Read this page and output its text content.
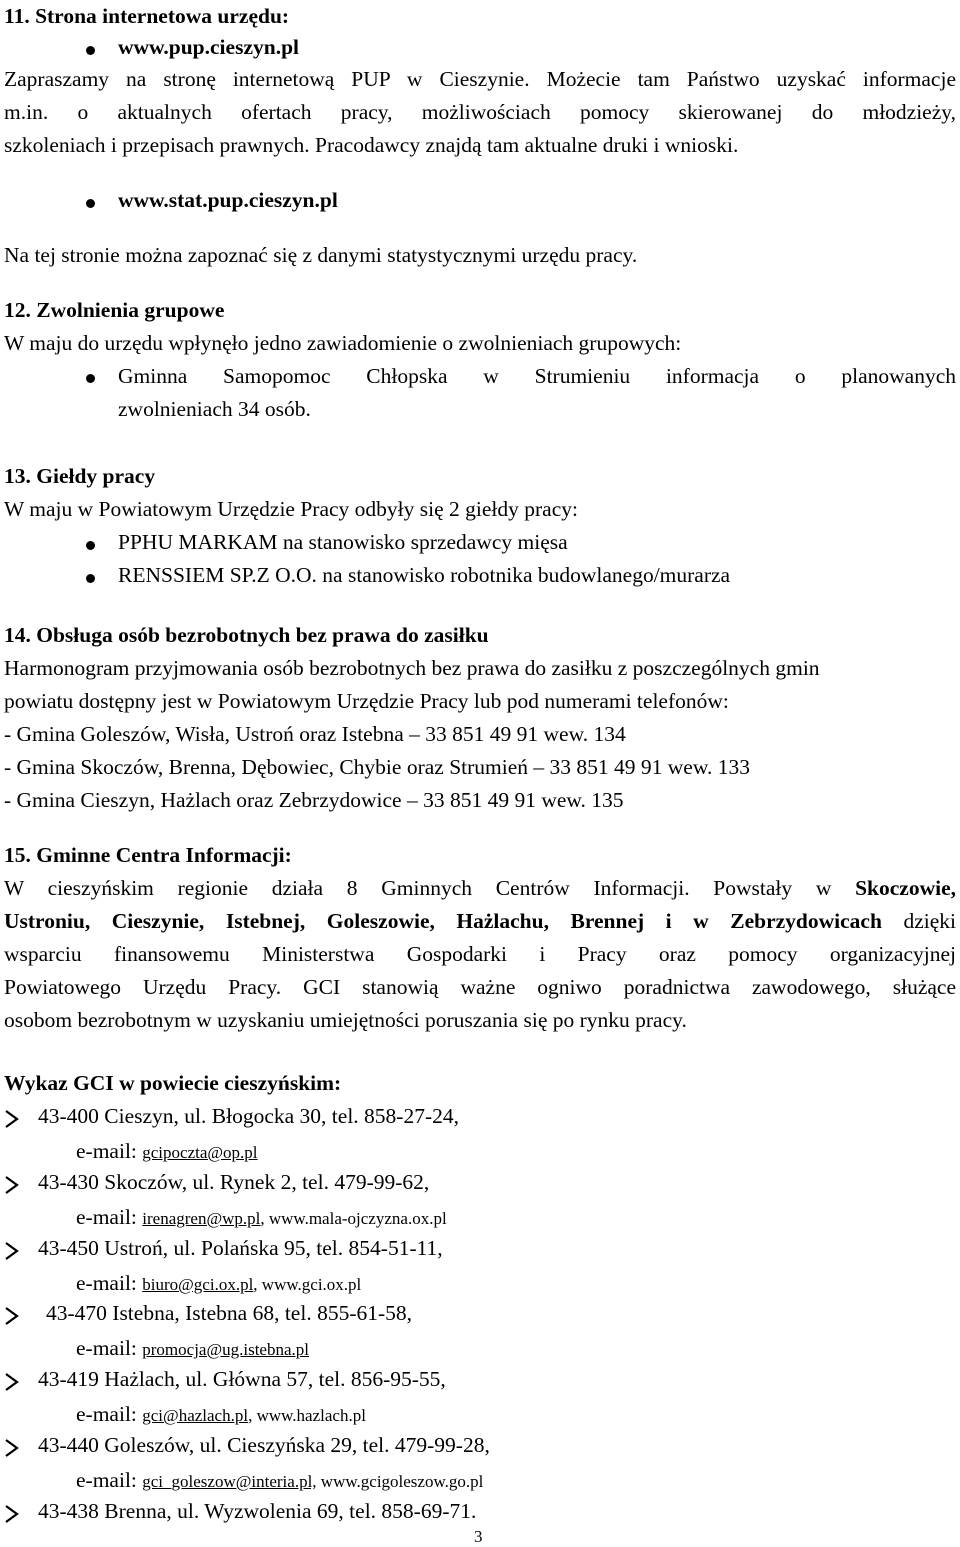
11. Strona internetowa urzędu:
www.pup.cieszyn.pl
Zapraszamy na stronę internetową PUP w Cieszynie. Możecie tam Państwo uzyskać informacje
m.in. o aktualnych ofertach pracy, możliwościach pomocy skierowanej do młodzieży,
szkoleniach i przepisach prawnych. Pracodawcy znajdą tam aktualne druki i wnioski.
www.stat.pup.cieszyn.pl
Na tej stronie można zapoznać się z danymi statystycznymi urzędu pracy.
12. Zwolnienia grupowe
W maju do urzędu wpłynęło jedno zawiadomienie o zwolnieniach grupowych:
Gminna Samopomoc Chłopska w Strumieniu informacja o planowanych
zwolnieniach 34 osób.
13. Giełdy pracy
W maju w Powiatowym Urzędzie Pracy odbyły się 2 giełdy pracy:
PPHU MARKAM na stanowisko sprzedawcy mięsa
RENSSIEM SP.Z O.O. na stanowisko robotnika budowlanego/murarza
14. Obsługa osób bezrobotnych bez prawa do zasiłku
Harmonogram przyjmowania osób bezrobotnych bez prawa do zasiłku z poszczególnych gmin
powiatu dostępny jest w Powiatowym Urzędzie Pracy lub pod numerami telefonów:
- Gmina Goleszów, Wisła, Ustroń oraz Istebna – 33 851 49 91 wew. 134
- Gmina Skoczów, Brenna, Dębowiec, Chybie oraz Strumień – 33 851 49 91 wew. 133
- Gmina Cieszyn, Hażlach oraz Zebrzydowice – 33 851 49 91 wew. 135
15. Gminne Centra Informacji:
W cieszyńskim regionie działa 8 Gminnych Centrów Informacji. Powstały w Skoczowie,
Ustroniu, Cieszynie, Istebnej, Goleszowie, Hażlachu, Brennej i w Zebrzydowicach dzięki
wsparciu finansowemu Ministerstwa Gospodarki i Pracy oraz pomocy organizacyjnej
Powiatowego Urzędu Pracy. GCI stanowią ważne ogniwo poradnictwa zawodowego, służące
osobom bezrobotnym w uzyskaniu umiejętności poruszania się po rynku pracy.
Wykaz GCI w powiecie cieszyńskim:
43-400 Cieszyn, ul. Błogocka 30, tel. 858-27-24,
e-mail: gcipoczta@op.pl
43-430 Skoczów, ul. Rynek 2, tel. 479-99-62,
e-mail: irenagren@wp.pl, www.mala-ojczyzna.ox.pl
43-450 Ustroń, ul. Polańska 95, tel. 854-51-11,
e-mail: biuro@gci.ox.pl, www.gci.ox.pl
43-470 Istebna, Istebna 68, tel. 855-61-58,
e-mail: promocja@ug.istebna.pl
43-419 Hażlach, ul. Główna 57, tel. 856-95-55,
e-mail: gci@hazlach.pl, www.hazlach.pl
43-440 Goleszów, ul. Cieszyńska 29, tel. 479-99-28,
e-mail: gci_goleszow@interia.pl, www.gcigoleszow.go.pl
43-438 Brenna, ul. Wyzwolenia 69, tel. 858-69-71.
3
